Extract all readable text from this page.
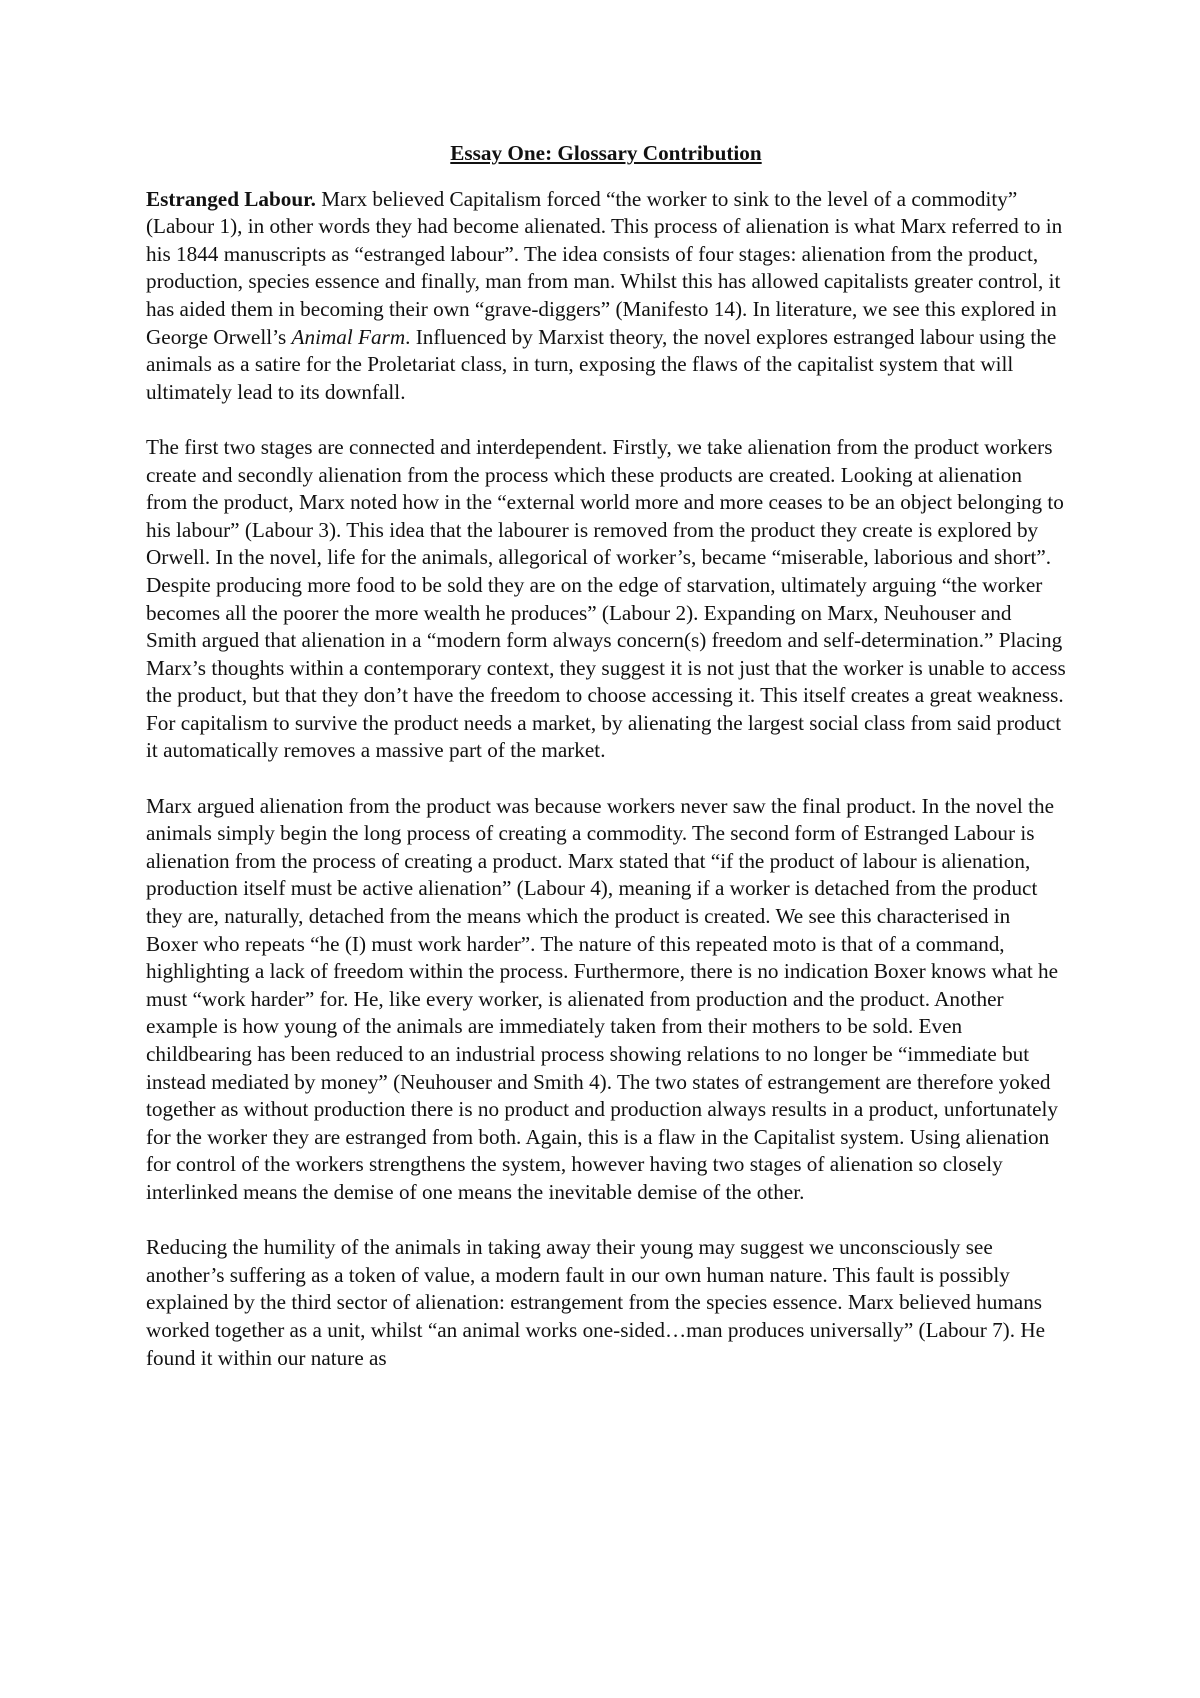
Essay One: Glossary Contribution

Estranged Labour. Marx believed Capitalism forced “the worker to sink to the level of a commodity” (Labour 1), in other words they had become alienated. This process of alienation is what Marx referred to in his 1844 manuscripts as “estranged labour”. The idea consists of four stages: alienation from the product, production, species essence and finally, man from man. Whilst this has allowed capitalists greater control, it has aided them in becoming their own “grave-diggers” (Manifesto 14). In literature, we see this explored in George Orwell’s Animal Farm. Influenced by Marxist theory, the novel explores estranged labour using the animals as a satire for the Proletariat class, in turn, exposing the flaws of the capitalist system that will ultimately lead to its downfall.

The first two stages are connected and interdependent. Firstly, we take alienation from the product workers create and secondly alienation from the process which these products are created. Looking at alienation from the product, Marx noted how in the “external world more and more ceases to be an object belonging to his labour” (Labour 3). This idea that the labourer is removed from the product they create is explored by Orwell. In the novel, life for the animals, allegorical of worker’s, became “miserable, laborious and short”. Despite producing more food to be sold they are on the edge of starvation, ultimately arguing “the worker becomes all the poorer the more wealth he produces” (Labour 2). Expanding on Marx, Neuhouser and Smith argued that alienation in a “modern form always concern(s) freedom and self-determination.” Placing Marx’s thoughts within a contemporary context, they suggest it is not just that the worker is unable to access the product, but that they don’t have the freedom to choose accessing it. This itself creates a great weakness. For capitalism to survive the product needs a market, by alienating the largest social class from said product it automatically removes a massive part of the market.

Marx argued alienation from the product was because workers never saw the final product. In the novel the animals simply begin the long process of creating a commodity. The second form of Estranged Labour is alienation from the process of creating a product. Marx stated that “if the product of labour is alienation, production itself must be active alienation” (Labour 4), meaning if a worker is detached from the product they are, naturally, detached from the means which the product is created. We see this characterised in Boxer who repeats “he (I) must work harder”. The nature of this repeated moto is that of a command, highlighting a lack of freedom within the process. Furthermore, there is no indication Boxer knows what he must “work harder” for. He, like every worker, is alienated from production and the product. Another example is how young of the animals are immediately taken from their mothers to be sold. Even childbearing has been reduced to an industrial process showing relations to no longer be “immediate but instead mediated by money” (Neuhouser and Smith 4). The two states of estrangement are therefore yoked together as without production there is no product and production always results in a product, unfortunately for the worker they are estranged from both. Again, this is a flaw in the Capitalist system. Using alienation for control of the workers strengthens the system, however having two stages of alienation so closely interlinked means the demise of one means the inevitable demise of the other.

Reducing the humility of the animals in taking away their young may suggest we unconsciously see another’s suffering as a token of value, a modern fault in our own human nature. This fault is possibly explained by the third sector of alienation: estrangement from the species essence. Marx believed humans worked together as a unit, whilst “an animal works one-sided…man produces universally” (Labour 7). He found it within our nature as
